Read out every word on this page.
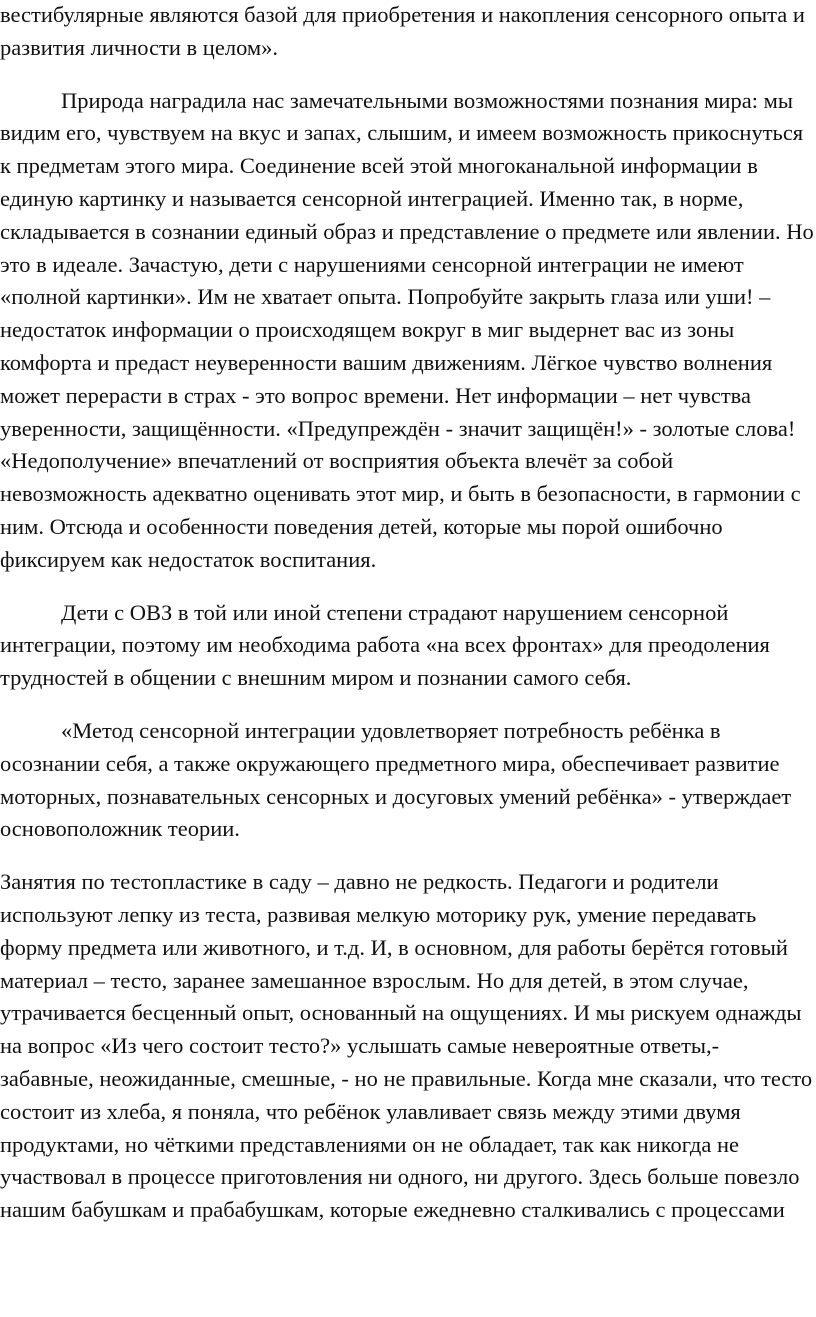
вестибулярные являются базой для приобретения и накопления сенсорного опыта и развития личности в целом».

Природа наградила нас замечательными возможностями познания мира: мы видим его, чувствуем на вкус и запах, слышим, и имеем возможность прикоснуться к предметам этого мира. Соединение всей этой многоканальной информации в единую картинку и называется сенсорной интеграцией. Именно так, в норме, складывается в сознании единый образ и представление о предмете или явлении. Но это в идеале. Зачастую, дети с нарушениями сенсорной интеграции не имеют «полной картинки». Им не хватает опыта. Попробуйте закрыть глаза или уши! – недостаток информации о происходящем вокруг в миг выдернет вас из зоны комфорта и предаст неуверенности вашим движениям. Лёгкое чувство волнения может перерасти в страх - это вопрос времени. Нет информации – нет чувства уверенности, защищённости. «Предупреждён - значит защищён!» - золотые слова! «Недополучение» впечатлений от восприятия объекта влечёт за собой невозможность адекватно оценивать этот мир, и быть в безопасности, в гармонии с ним. Отсюда и особенности поведения детей, которые мы порой ошибочно фиксируем как недостаток воспитания.

Дети с ОВЗ в той или иной степени страдают нарушением сенсорной интеграции, поэтому им необходима работа «на всех фронтах» для преодоления трудностей в общении с внешним миром и познании самого себя.

«Метод сенсорной интеграции удовлетворяет потребность ребёнка в осознании себя, а также окружающего предметного мира, обеспечивает развитие моторных, познавательных сенсорных и досуговых умений ребёнка» - утверждает основоположник теории.

Занятия по тестопластике в саду – давно не редкость. Педагоги и родители используют лепку из теста, развивая мелкую моторику рук, умение передавать форму предмета или животного, и т.д. И, в основном, для работы берётся готовый материал – тесто, заранее замешанное взрослым. Но для детей, в этом случае, утрачивается бесценный опыт, основанный на ощущениях. И мы рискуем однажды на вопрос «Из чего состоит тесто?» услышать самые невероятные ответы,- забавные, неожиданные, смешные, - но не правильные. Когда мне сказали, что тесто состоит из хлеба, я поняла, что ребёнок улавливает связь между этими двумя продуктами, но чёткими представлениями он не обладает, так как никогда не участвовал в процессе приготовления ни одного, ни другого. Здесь больше повезло нашим бабушкам и прабабушкам, которые ежедневно сталкивались с процессами
